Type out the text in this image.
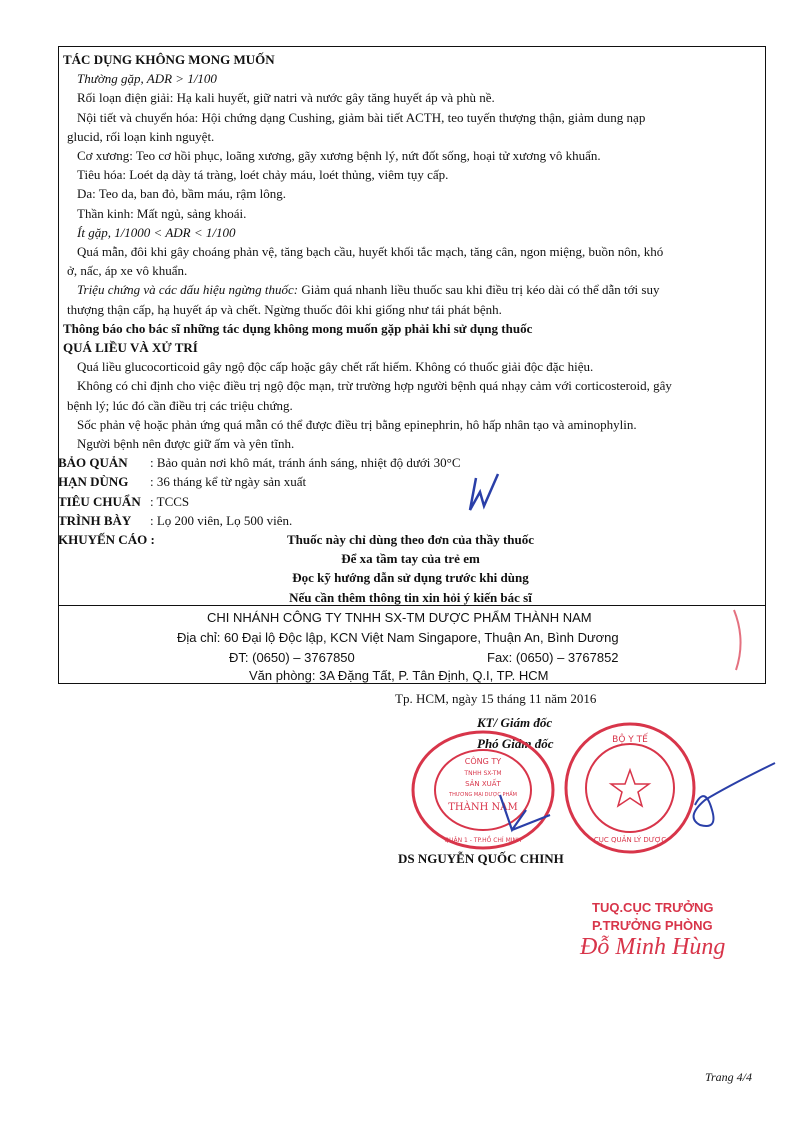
TÁC DỤNG KHÔNG MONG MUỐN

Thường gặp, ADR > 1/100

Rối loạn điện giải: Hạ kali huyết, giữ natri và nước gây tăng huyết áp và phù nề.

Nội tiết và chuyển hóa: Hội chứng dạng Cushing, giảm bài tiết ACTH, teo tuyến thượng thận, giảm dung nạp

glucid, rối loạn kinh nguyệt.

Cơ xương: Teo cơ hồi phục, loãng xương, gãy xương bệnh lý, nứt đốt sống, hoại tử xương vô khuẩn.

Tiêu hóa: Loét dạ dày tá tràng, loét chảy máu, loét thủng, viêm tụy cấp.

Da: Teo da, ban đỏ, bầm máu, rậm lông.

Thần kinh: Mất ngủ, sảng khoái.

Ít gặp, 1/1000 < ADR < 1/100

Quá mẫn, đôi khi gây choáng phản vệ, tăng bạch cầu, huyết khối tắc mạch, tăng cân, ngon miệng, buồn nôn, khó

ở, nấc, áp xe vô khuẩn.

Triệu chứng và các dấu hiệu ngừng thuốc: Giảm quá nhanh liều thuốc sau khi điều trị kéo dài có thể dẫn tới suy

thượng thận cấp, hạ huyết áp và chết. Ngừng thuốc đôi khi giống như tái phát bệnh.

Thông báo cho bác sĩ những tác dụng không mong muốn gặp phải khi sử dụng thuốc

QUÁ LIỀU VÀ XỬ TRÍ

Quá liều glucocorticoid gây ngộ độc cấp hoặc gây chết rất hiếm. Không có thuốc giải độc đặc hiệu.

Không có chỉ định cho việc điều trị ngộ độc mạn, trừ trường hợp người bệnh quá nhạy cảm với corticosteroid, gây

bệnh lý; lúc đó cần điều trị các triệu chứng.

Sốc phản vệ hoặc phản ứng quá mẫn có thể được điều trị bằng epinephrin, hô hấp nhân tạo và aminophylin.

Người bệnh nên được giữ ấm và yên tĩnh.

BẢO QUẢN	: Bảo quản nơi khô mát, tránh ánh sáng, nhiệt độ dưới 30°C
HẠN DÙNG	: 36 tháng kể từ ngày sản xuất
TIÊU CHUẨN : TCCS
TRÌNH BÀY	: Lọ 200 viên, Lọ 500 viên.
KHUYẾN CÁO :	Thuốc này chỉ dùng theo đơn của thầy thuốc

Để xa tầm tay của trẻ em

Đọc kỹ hướng dẫn sử dụng trước khi dùng

Nếu cần thêm thông tin xin hỏi ý kiến bác sĩ

CHI NHÁNH CÔNG TY TNHH SX-TM DƯỢC PHẨM THÀNH NAM
Địa chỉ: 60 Đại lộ Độc lập, KCN Việt Nam Singapore, Thuận An, Bình Dương
ĐT: (0650) – 3767850	Fax: (0650) – 3767852
Văn phòng: 3A Đặng Tất, P. Tân Định, Q.I, TP. HCM
Tp. HCM, ngày 15 tháng 11 năm 2016
KT/ Giám đốc
Phó Giám đốc
CÔNG TY
TNHH SX-TM
SẢN XUẤT
THƯƠNG MẠI DƯỢC PHẨM
THÀNH NAM
QUẬN 1 - TP.HỒ CHÍ MINH
BỘ Y TẾ
CỤC QUẢN LÝ DƯỢC
DS NGUYỄN QUỐC CHINH
TUQ.CỤC TRƯỞNG
P.TRƯỞNG PHÒNG
Đỗ Minh Hùng
Trang 4/4
